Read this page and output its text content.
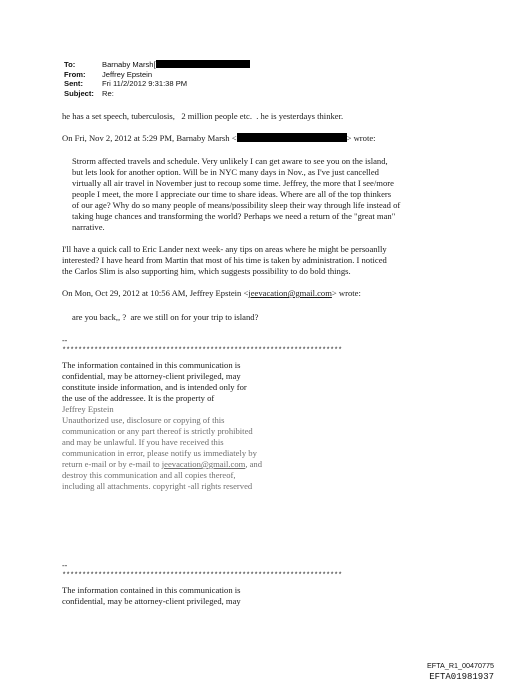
To:	Barnaby Marsh[
From:	Jeffrey Epstein
Sent:	Fri 11/2/2012 9:31:38 PM
Subject:	Re:

he has a set speech, tuberculosis,   2 million people etc.  . he is yesterdays thinker.

On Fri, Nov 2, 2012 at 5:29 PM, Barnaby Marsh <	> wrote:

Strorm affected travels and schedule. Very unlikely I can get aware to see you on the island,

but lets look for another option. Will be in NYC many days in Nov., as I've just cancelled

virtually all air travel in November just to recoup some time. Jeffrey, the more that I see/more

people I meet, the more I appreciate our time to share ideas. Where are all of the top thinkers

of our age? Why do so many people of means/possibility sleep their way through life instead of

taking huge chances and transforming the world? Perhaps we need a return of the "great man"

narrative.

I'll have a quick call to Eric Lander next week- any tips on areas where he might be persoanlly

interested? I have heard from Martin that most of his time is taken by administration. I noticed

the Carlos Slim is also supporting him, which suggests possibility to do bold things.

On Mon, Oct 29, 2012 at 10:56 AM, Jeffrey Epstein <jeevacation@gmail.com> wrote:

are you back,, ?  are we still on for your trip to island?

--
**********************************************************************

The information contained in this communication is

confidential, may be attorney-client privileged, may

constitute inside information, and is intended only for

the use of the addressee. It is the property of

Jeffrey Epstein

Unauthorized use, disclosure or copying of this

communication or any part thereof is strictly prohibited

and may be unlawful. If you have received this

communication in error, please notify us immediately by

return e-mail or by e-mail to jeevacation@gmail.com, and

destroy this communication and all copies thereof,

including all attachments. copyright -all rights reserved

--
**********************************************************************

The information contained in this communication is

confidential, may be attorney-client privileged, may

EFTA_R1_00470775
EFTA01981937
